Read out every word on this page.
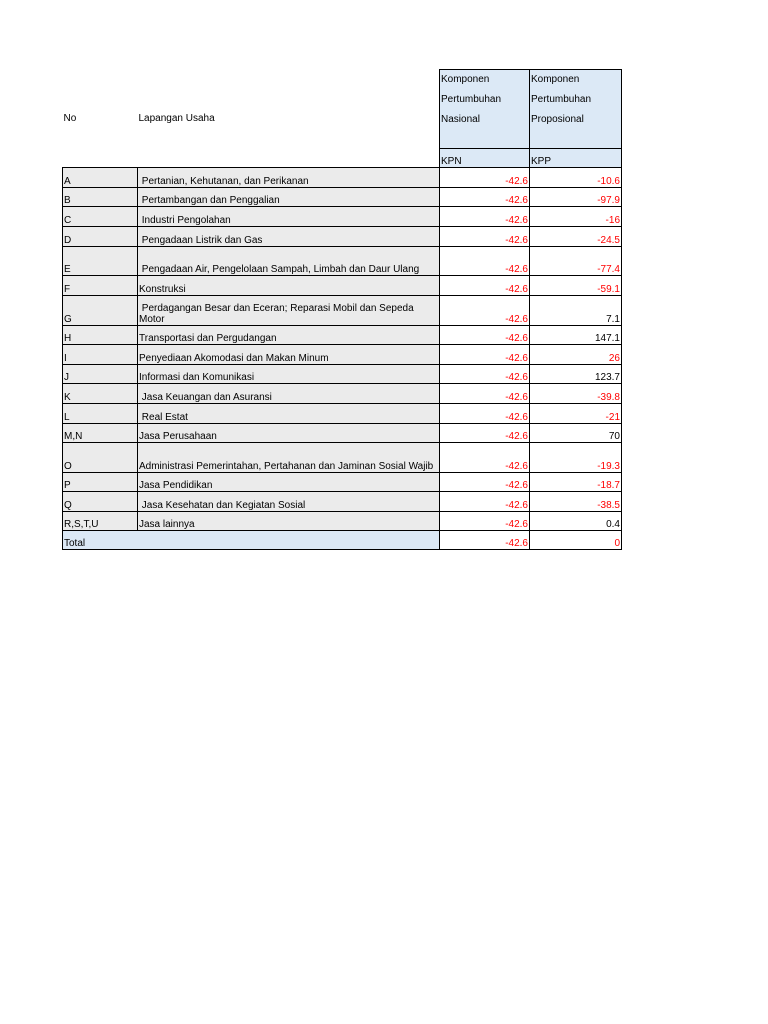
No	Lapangan Usaha	Komponen Pertumbuhan Nasional	Komponen Pertumbuhan Proposional
		KPN	KPP
A	Pertanian, Kehutanan, dan Perikanan	-42.6	-10.6
B	Pertambangan dan Penggalian	-42.6	-97.9
C	Industri Pengolahan	-42.6	-16
D	Pengadaan Listrik dan Gas	-42.6	-24.5
E	Pengadaan Air, Pengelolaan Sampah, Limbah dan Daur Ulang	-42.6	-77.4
F	Konstruksi	-42.6	-59.1
G	Perdagangan Besar dan Eceran; Reparasi Mobil dan Sepeda Motor	-42.6	7.1
H	Transportasi dan Pergudangan	-42.6	147.1
I	Penyediaan Akomodasi dan Makan Minum	-42.6	26
J	Informasi dan Komunikasi	-42.6	123.7
K	Jasa Keuangan dan Asuransi	-42.6	-39.8
L	Real Estat	-42.6	-21
M,N	Jasa Perusahaan	-42.6	70
O	Administrasi Pemerintahan, Pertahanan dan Jaminan Sosial Wajib	-42.6	-19.3
P	Jasa Pendidikan	-42.6	-18.7
Q	Jasa Kesehatan dan Kegiatan Sosial	-42.6	-38.5
R,S,T,U	Jasa lainnya	-42.6	0.4
Total		-42.6	0
